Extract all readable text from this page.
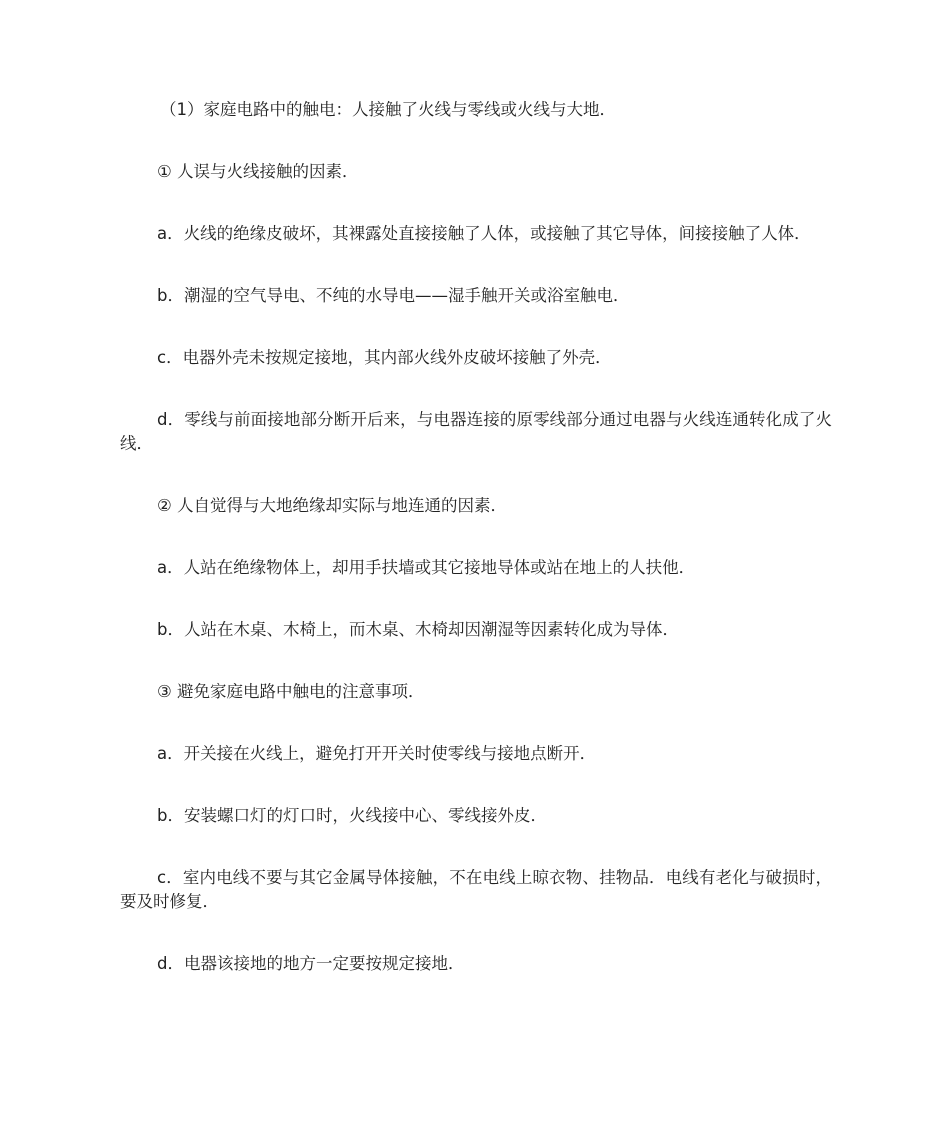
（1）家庭电路中的触电：人接触了火线与零线或火线与大地．

① 人误与火线接触的因素．

a．火线的绝缘皮破坏，其裸露处直接接触了人体，或接触了其它导体，间接接触了人体．

b．潮湿的空气导电、不纯的水导电——湿手触开关或浴室触电．

c．电器外壳未按规定接地，其内部火线外皮破坏接触了外壳．

d．零线与前面接地部分断开后来，与电器连接的原零线部分通过电器与火线连通转化成了火线．

② 人自觉得与大地绝缘却实际与地连通的因素．

a．人站在绝缘物体上，却用手扶墙或其它接地导体或站在地上的人扶他．

b．人站在木桌、木椅上，而木桌、木椅却因潮湿等因素转化成为导体．

③ 避免家庭电路中触电的注意事项．

a．开关接在火线上，避免打开开关时使零线与接地点断开．

b．安装螺口灯的灯口时，火线接中心、零线接外皮．

c．室内电线不要与其它金属导体接触，不在电线上晾衣物、挂物品．电线有老化与破损时，要及时修复．

d．电器该接地的地方一定要按规定接地．
